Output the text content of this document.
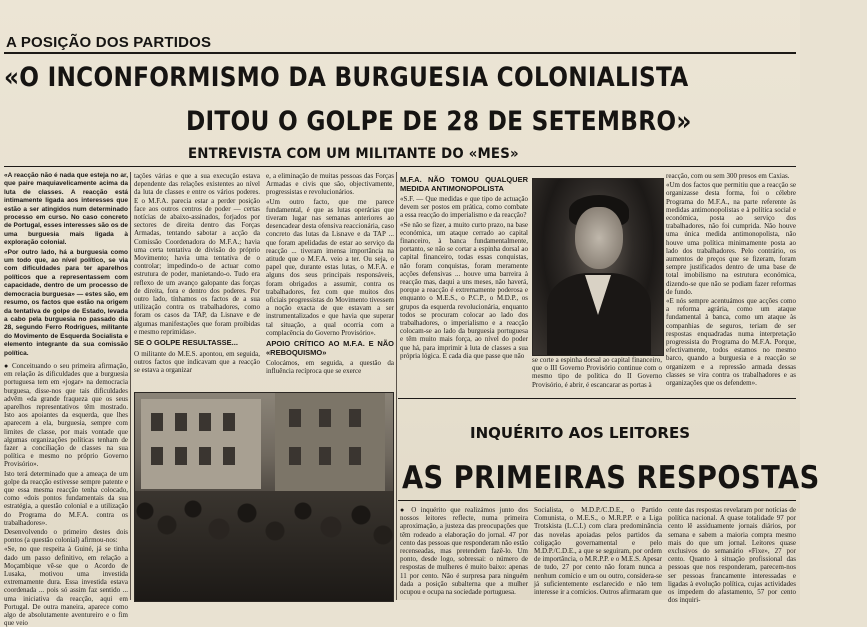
A POSIÇÃO DOS PARTIDOS
«O INCONFORMISMO DA BURGUESIA COLONIALISTA
DITOU O GOLPE DE 28 DE SETEMBRO»
ENTREVISTA COM UM MILITANTE DO «MES»

«A reacção não é nada que esteja no ar, que paire maquiavelicamente acima da luta de classes. A reacção está intimamente ligada aos interesses que estão a ser atingidos num determinado processo em curso. No caso concreto de Portugal, esses interesses são os de uma burguesia mais ligada à exploração colonial.

«Por outro lado, há a burguesia como um todo que, ao nível político, se via com dificuldades para ter aparelhos políticos que a representassem com capacidade, dentro de um processo de democracia burguesa» — estes são, em resumo, os factos que estão na origem da tentativa de golpe de Estado, levada a cabo pela burguesia no passado dia 28, segundo Ferro Rodrigues, militante do Movimento de Esquerda Socialista e elemento integrante da sua comissão política.

● Conceituando o seu primeira afirmação, em relação às dificuldades que a burguesia portuguesa tem em «jogar» na democracia burguesa, disse-nos que tais dificuldades advêm «da grande fraqueza que os seus aparelhos representativos têm mostrado. Isto aos apoiantes da esquerda, que lhes aparecem a ela, burguesia, sempre com limites de classe, por mais vontade que algumas organizações políticas tenham de fazer a conciliação de classes na sua política e mesmo no próprio Governo Provisório».

Isto terá determinado que a ameaça de um golpe da reacção estivesse sempre patente e que essa mesma reacção tenha colocado, como «dois pontos fundamentais da sua estratégia, a questão colonial e a utilização do Programa do M.F.A. contra os trabalhadores».

Desenvolvendo o primeiro destes dois pontos (a questão colonial) afirmou-nos:

«Se, no que respeita à Guiné, já se tinha dado um passo definitivo, em relação a Moçambique vê-se que o Acordo de Lusaka, motivou uma investida extremamente dura. Essa investida estava coordenada ... pois só assim faz sentido ... uma iniciativa da reacção, aqui em Portugal. De outra maneira, aparece como algo de absolutamente aventureiro e o fim que veio

tações várias e que a sua execução estava dependente das relações existentes ao nível da luta de classes e entre os vários poderes. E o M.F.A. parecia estar a perder posição face aos outros centros de poder — certas notícias de abaixo-assinados, forjados por sectores de direita dentro das Forças Armadas, tentando sabotar a acção da Comissão Coordenadora do M.F.A.; havia uma certa tentativa de divisão do próprio Movimento; havia uma tentativa de o controlar; impedindo-o de actuar como estrutura de poder, manietando-o. Tudo era reflexo de um avanço galopante das forças de direita, fora e dentro dos poderes. Por outro lado, tínhamos os factos de a sua utilização contra os trabalhadores, como foram os casos da TAP, da Lisnave e de algumas manifestações que foram proibidas e mesmo reprimidas».

SE O GOLPE RESULTASSE...

O militante do M.E.S. apontou, em seguida, outros factos que indicavam que a reacção se estava a organizar

e, a eliminação de muitas pessoas das Forças Armadas e civis que são, objectivamente, progressistas e revolucionários.

«Um outro facto, que me parece fundamental, é que as lutas operárias que tiveram lugar nas semanas anteriores ao desencadear desta ofensiva reaccionária, caso concreto das lutas da Lisnave e da TAP ... que foram apelidadas de estar ao serviço da reacção ... tiveram imensa importância na atitude que o M.F.A. veio a ter. Ou seja, o papel que, durante estas lutas, o M.F.A. e alguns dos seus principais responsáveis, foram obrigados a assumir, contra os trabalhadores, fez com que muitos dos oficiais progressistas do Movimento tivessem a noção exacta de que estavam a ser instrumentalizados e que havia que superar tal situação, a qual ocorria com a complacência do Governo Provisório».

APOIO CRÍTICO AO M.F.A. E NÃO «REBOQUISMO»

Colocámos, em seguida, a questão da influência recíproca que se exerce

M.F.A. NÃO TOMOU QUALQUER MEDIDA ANTIMONOPOLISTA

«S.F. — Que medidas e que tipo de actuação devem ser postos em prática, como combate a essa reacção do imperialismo e da reacção?

«Se não se fizer, a muito curto prazo, na base económica, um ataque cerrado ao capital financeiro, à banca fundamentalmente, portanto, se não se cortar a espinha dorsal ao capital financeiro, todas essas conquistas, não foram conquistas, foram meramente acções defensivas ... houve uma barreira à reacção mas, daqui a uns meses, não haverá, porque a reacção é extremamente poderosa e enquanto o M.E.S., o P.C.P., o M.D.P., os grupos da esquerda revolucionária, enquanto todos se procuram colocar ao lado dos trabalhadores, o imperialismo e a reacção colocam-se ao lado da burguesia portuguesa e têm muito mais força, ao nível do poder que há, para imprimir à luta de classes a sua própria lógica. E cada dia que passe que não

se corte a espinha dorsal ao capital financeiro, que o III Governo Provisório continue com o mesmo tipo de política do II Governo Provisório, é abrir, é escancarar as portas à

reacção, com ou sem 300 presos em Caxias.

«Um dos factos que permitiu que a reacção se organizasse desta forma, foi o célebre Programa do M.F.A., na parte referente às medidas antimonopolistas e à política social e económica, posta ao serviço dos trabalhadores, não foi cumprida. Não houve uma única medida antimonopolista, não houve uma política minimamente posta ao lado dos trabalhadores. Pelo contrário, os aumentos de preços que se fizeram, foram sempre justificados dentro de uma base de total imobilismo na estrutura económica, dizendo-se que não se podiam fazer reformas de fundo.

«E nós sempre acentuámos que acções como a reforma agrária, como um ataque fundamental à banca, como um ataque às companhias de seguros, teriam de ser respostas enquadradas numa interpretação progressista do Programa do M.F.A. Porque, efectivamente, todos estamos no mesmo barco, quando a burguesia e a reacção se organizem e a repressão armada dessas classes se vira contra os trabalhadores e as organizações que os defendem».

INQUÉRITO AOS LEITORES
AS PRIMEIRAS RESPOSTAS

● O inquérito que realizámos junto dos nossos leitores reflecte, numa primeira aproximação, a justeza das preocupações que têm rodeado a elaboração do jornal. 47 por cento das pessoas que responderam não estão recenseadas, mas pretendem fazê-lo. Um ponto, desde logo, sobressai: o número de respostas de mulheres é muito baixo: apenas 11 por cento. Não é surpresa para ninguém dada a posição subalterna que a mulher ocupou e ocupa na sociedade portuguesa.

Socialista, o M.D.P./C.D.E., o Partido Comunista, o M.E.S., o M.R.P.P. e a Liga Trotskista (L.C.I.) com clara predominância das novelas apoiadas pelos partidos da coligação governamental e pelo M.D.P./C.D.E., a que se seguiram, por ordem de importância, o M.R.P.P. e o M.E.S. Apesar de tudo, 27 por cento não foram nunca a nenhum comício e um ou outro, considera-se já suficientemente esclarecido e não tem interesse ir a comícios. Outros afirmaram que

cente das respostas revelaram por notícias de política nacional. A quase totalidade 97 por cento lê assiduamente jornais diários, por semana e sabem a maioria compra mesmo mais do que um jornal. Leitores quase exclusivos do semanário «Fixe», 27 por cento. Quanto à situação profissional das pessoas que nos responderam, parecem-nos ser pessoas francamente interessadas e ligadas à evolução política, cujas actividades os impedem do afastamento, 57 por cento dos inquiri-
